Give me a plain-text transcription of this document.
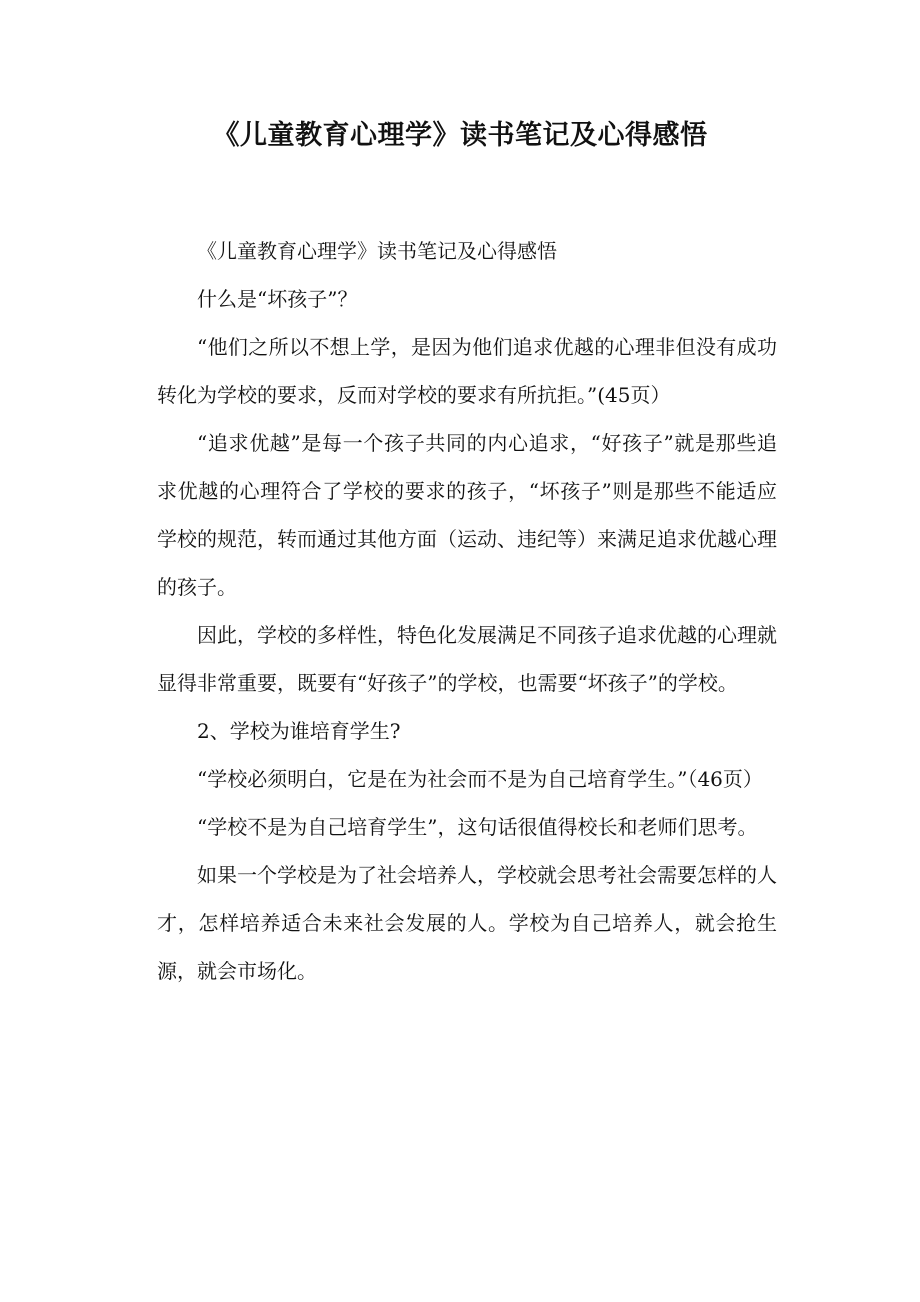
《儿童教育心理学》读书笔记及心得感悟

《儿童教育心理学》读书笔记及心得感悟

什么是“坏孩子”？

“他们之所以不想上学，是因为他们追求优越的心理非但没有成功转化为学校的要求，反而对学校的要求有所抗拒。”(45页）

“追求优越”是每一个孩子共同的内心追求，“好孩子”就是那些追求优越的心理符合了学校的要求的孩子，“坏孩子”则是那些不能适应学校的规范，转而通过其他方面（运动、违纪等）来满足追求优越心理的孩子。

因此，学校的多样性，特色化发展满足不同孩子追求优越的心理就显得非常重要，既要有“好孩子”的学校，也需要“坏孩子”的学校。

2、学校为谁培育学生?

“学校必须明白，它是在为社会而不是为自己培育学生。”（46页）

“学校不是为自己培育学生”，这句话很值得校长和老师们思考。

如果一个学校是为了社会培养人，学校就会思考社会需要怎样的人才，怎样培养适合未来社会发展的人。学校为自己培养人，就会抢生源，就会市场化。
